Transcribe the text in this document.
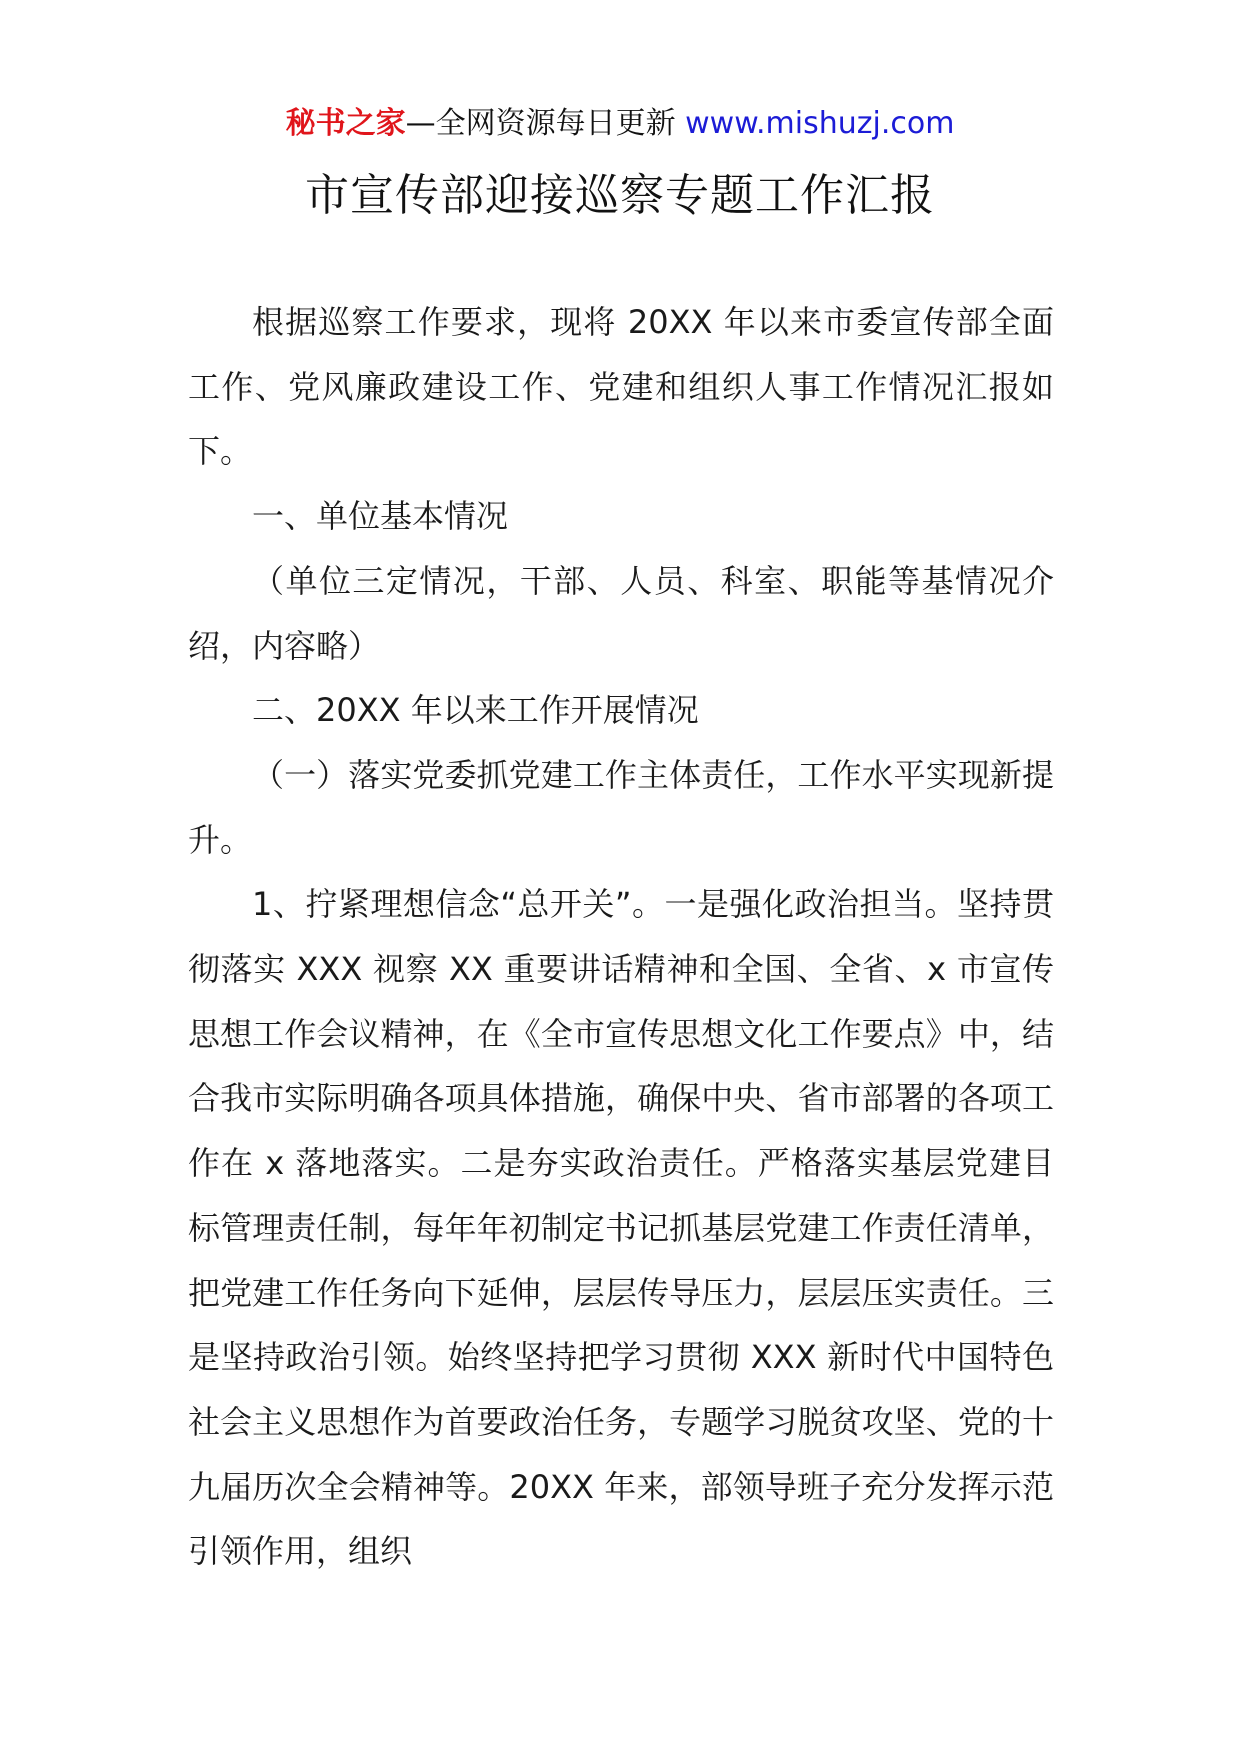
秘书之家—全网资源每日更新 www.mishuzj.com
市宣传部迎接巡察专题工作汇报

根据巡察工作要求，现将 20XX 年以来市委宣传部全面工作、党风廉政建设工作、党建和组织人事工作情况汇报如下。

一、单位基本情况

（单位三定情况，干部、人员、科室、职能等基情况介绍，内容略）

二、20XX 年以来工作开展情况

（一）落实党委抓党建工作主体责任，工作水平实现新提升。

1、拧紧理想信念“总开关”。一是强化政治担当。坚持贯彻落实 XXX 视察 XX 重要讲话精神和全国、全省、x 市宣传思想工作会议精神，在《全市宣传思想文化工作要点》中，结合我市实际明确各项具体措施，确保中央、省市部署的各项工作在 x 落地落实。二是夯实政治责任。严格落实基层党建目标管理责任制，每年年初制定书记抓基层党建工作责任清单，把党建工作任务向下延伸，层层传导压力，层层压实责任。三是坚持政治引领。始终坚持把学习贯彻 XXX 新时代中国特色社会主义思想作为首要政治任务，专题学习脱贫攻坚、党的十九届历次全会精神等。20XX 年来，部领导班子充分发挥示范引领作用，组织
